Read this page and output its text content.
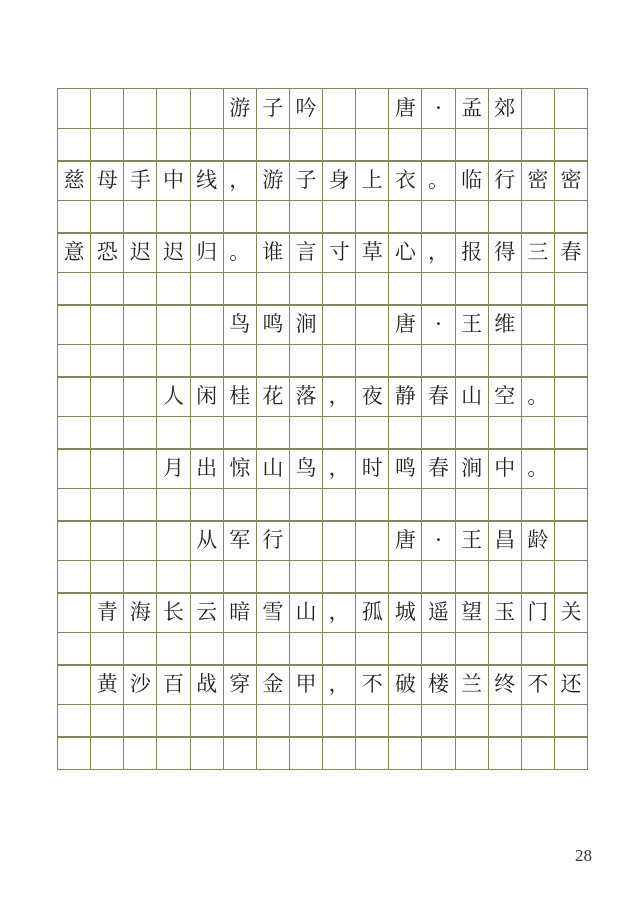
游 子 吟	唐 · 孟 郊
慈 母 手 中 线 ， 游 子 身 上 衣 。 临 行 密 密
意 恐 迟 迟 归 。 谁 言 寸 草 心 ， 报 得 三 春
鸟 鸣 涧	唐 · 王 维
人 闲 桂 花 落 ， 夜 静 春 山 空 。
月 出 惊 山 鸟 ， 时 鸣 春 涧 中 。
从 军 行	唐 · 王 昌 龄
青 海 长 云 暗 雪 山 ， 孤 城 遥 望 玉 门 关
黄 沙 百 战 穿 金 甲 ， 不 破 楼 兰 终 不 还
28
